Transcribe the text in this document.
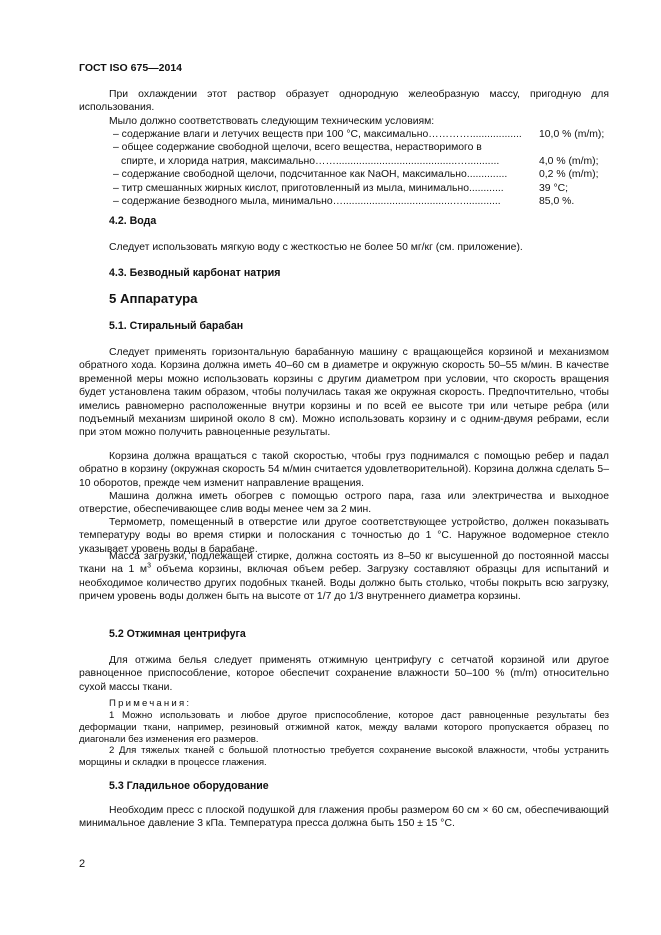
ГОСТ ISO 675—2014

При охлаждении этот раствор образует однородную желеобразную массу, пригодную для использования.

Мыло должно соответствовать следующим техническим условиям:

– содержание влаги и летучих веществ при 100 °С, максимально………….................. 10,0 % (m/m);
– общее содержание свободной щелочи, всего вещества, нерастворимого в
спирте, и хлорида натрия, максимально……..........................................…...........	4,0 % (m/m);
– содержание свободной щелочи, подсчитанное как NaOH, максимально..............	0,2 % (m/m);
– титр смешанных жирных кислот, приготовленный из мыла, минимально............	39 °С;
– содержание безводного мыла, минимально…......................................….............	85,0 %.
4.2. Вода

Следует использовать мягкую воду с жесткостью не более 50 мг/кг (см. приложение).

4.3. Безводный карбонат натрия
5 Аппаратура
5.1. Стиральный барабан

Следует применять горизонтальную барабанную машину с вращающейся корзиной и механизмом обратного хода. Корзина должна иметь 40–60 см в диаметре и окружную скорость 50–55 м/мин. В качестве временной меры можно использовать корзины с другим диаметром при условии, что скорость вращения будет установлена таким образом, чтобы получилась такая же окружная скорость. Предпочтительно, чтобы имелись равномерно расположенные внутри корзины и по всей ее высоте три или четыре ребра (или подъемный механизм шириной около 8 см). Можно использовать корзину и с одним-двумя ребрами, если при этом можно получить равноценные результаты.

Корзина должна вращаться с такой скоростью, чтобы груз поднимался с помощью ребер и падал обратно в корзину (окружная скорость 54 м/мин считается удовлетворительной). Корзина должна сделать 5–10 оборотов, прежде чем изменит направление вращения.

Машина должна иметь обогрев с помощью острого пара, газа или электричества и выходное отверстие, обеспечивающее слив воды менее чем за 2 мин.

Термометр, помещенный в отверстие или другое соответствующее устройство, должен показывать температуру воды во время стирки и полоскания с точностью до 1 °С. Наружное водомерное стекло указывает уровень воды в барабане.

Масса загрузки, подлежащей стирке, должна состоять из 8–50 кг высушенной до постоянной массы ткани на 1 $м^3$ объема корзины, включая объем ребер. Загрузку составляют образцы для испытаний и необходимое количество других подобных тканей. Воды должно быть столько, чтобы покрыть всю загрузку, причем уровень воды должен быть на высоте от 1/7 до 1/3 внутреннего диаметра корзины.

5.2 Отжимная центрифуга

Для отжима белья следует применять отжимную центрифугу с сетчатой корзиной или другое равноценное приспособление, которое обеспечит сохранение влажности 50–100 % (m/m) относительно сухой массы ткани.

Примечания:

1 Можно использовать и любое другое приспособление, которое даст равноценные результаты без деформации ткани, например, резиновый отжимной каток, между валами которого пропускается образец по диагонали без изменения его размеров.

2 Для тяжелых тканей с большой плотностью требуется сохранение высокой влажности, чтобы устранить морщины и складки в процессе глажения.

5.3 Гладильное оборудование

Необходим пресс с плоской подушкой для глажения пробы размером 60 см × 60 см, обеспечивающий минимальное давление 3 кПа. Температура пресса должна быть 150 ± 15 °С.

2
